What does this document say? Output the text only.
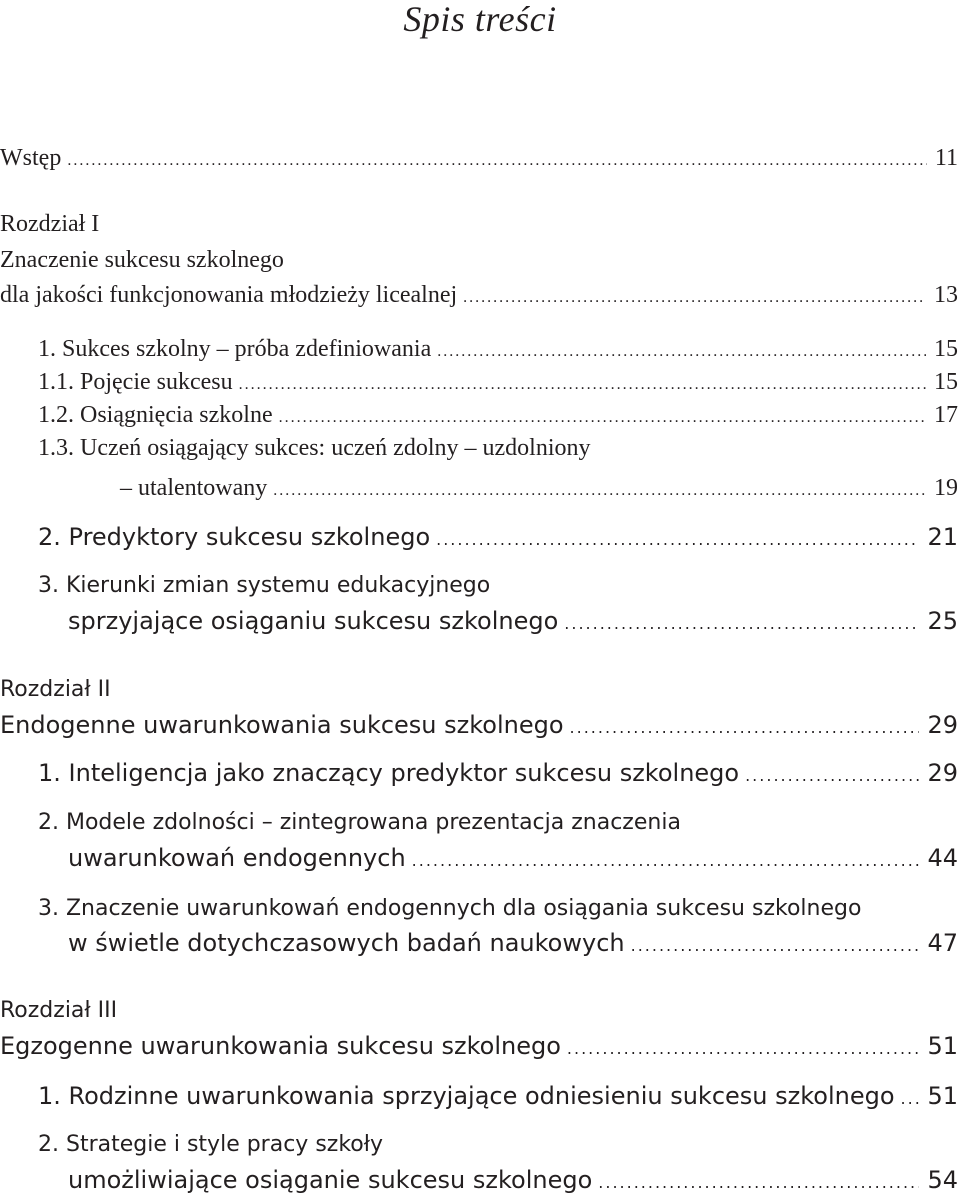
Spis treści
Wstęp .....	11
Rozdział I
Znaczenie sukcesu szkolnego
dla jakości funkcjonowania młodzieży licealnej .....	13
1. Sukces szkolny – próba zdefiniowania .....	15
1.1. Pojęcie sukcesu .....	15
1.2. Osiągnięcia szkolne .....	17
1.3. Uczeń osiągający sukces: uczeń zdolny – uzdolniony
– utalentowany .....	19
2. Predyktory sukcesu szkolnego .....	21
3. Kierunki zmian systemu edukacyjnego
sprzyjające osiąganiu sukcesu szkolnego .....	25
Rozdział II
Endogenne uwarunkowania sukcesu szkolnego .....	29
1. Inteligencja jako znaczący predyktor sukcesu szkolnego .....	29
2. Modele zdolności – zintegrowana prezentacja znaczenia
uwarunkowań endogennych .....	44
3. Znaczenie uwarunkowań endogennych dla osiągania sukcesu szkolnego
w świetle dotychczasowych badań naukowych .....	47
Rozdział III
Egzogenne uwarunkowania sukcesu szkolnego .....	51
1. Rodzinne uwarunkowania sprzyjające odniesieniu sukcesu szkolnego ..... 51
2. Strategie i style pracy szkoły
umożliwiające osiąganie sukcesu szkolnego .....	54
